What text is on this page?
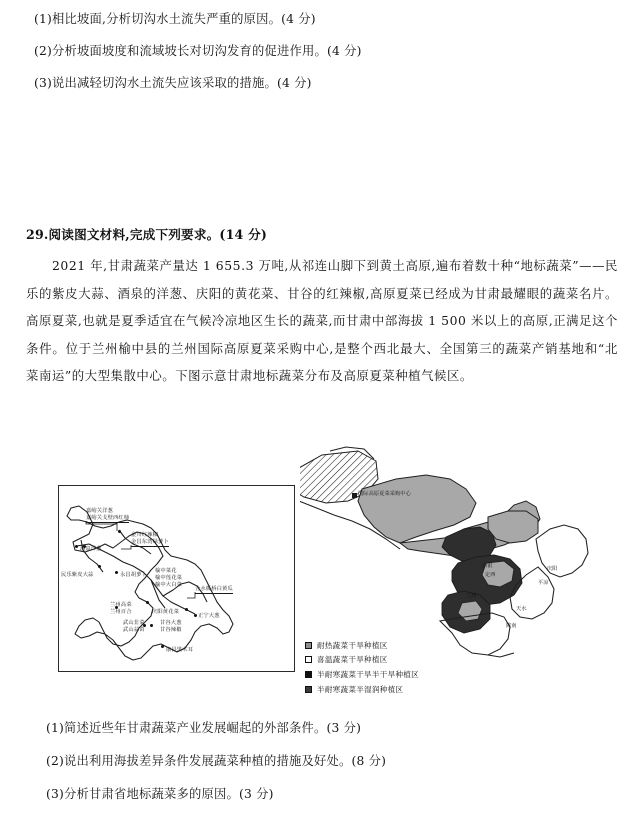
(1)相比坡面,分析切沟水土流失严重的原因。(4 分)
(2)分析坡面坡度和流域坡长对切沟发育的促进作用。(4 分)
(3)说出减轻切沟水土流失应该采取的措施。(4 分)
29.阅读图文材料,完成下列要求。(14 分)
2021 年,甘肃蔬菜产量达 1 655.3 万吨,从祁连山脚下到黄土高原,遍布着数十种“地标蔬菜”——民乐的紫皮大蒜、酒泉的洋葱、庆阳的黄花菜、甘谷的红辣椒,高原夏菜已经成为甘肃最耀眼的蔬菜名片。高原夏菜,也就是夏季适宜在气候冷凉地区生长的蔬菜,而甘肃中部海拔 1 500 米以上的高原,正满足这个条件。位于兰州榆中县的兰州国际高原夏菜采购中心,是整个西北最大、全国第三的蔬菜产销基地和“北菜南运”的大型集散中心。下图示意甘肃地标蔬菜分布及高原夏菜种植气候区。
嘉峪关洋葱
嘉峪关戈壁西红柿
金川红辣椒
金昌东湾绿萝卜
酒泉洋葱
民乐紫皮大蒜	永昌胡萝卜
榆中菜花
榆中莲花菜
榆中大白菜
合水板桥白黄瓜
兰州高菜
兰州百合	庆阳黄花菜
正宁大葱
武山韭菜
武山蒜苗
甘谷大葱
甘谷辣椒
康县黑木耳
国际高原夏菜采购中心
庆阳
平凉
天水
陇南
兰州
白银
定西
耐热蔬菜干旱种植区
喜温蔬菜干旱种植区
半耐寒蔬菜干旱半干旱种植区
半耐寒蔬菜半湿润种植区
(1)简述近些年甘肃蔬菜产业发展崛起的外部条件。(3 分)
(2)说出利用海拔差异条件发展蔬菜种植的措施及好处。(8 分)
(3)分析甘肃省地标蔬菜多的原因。(3 分)
